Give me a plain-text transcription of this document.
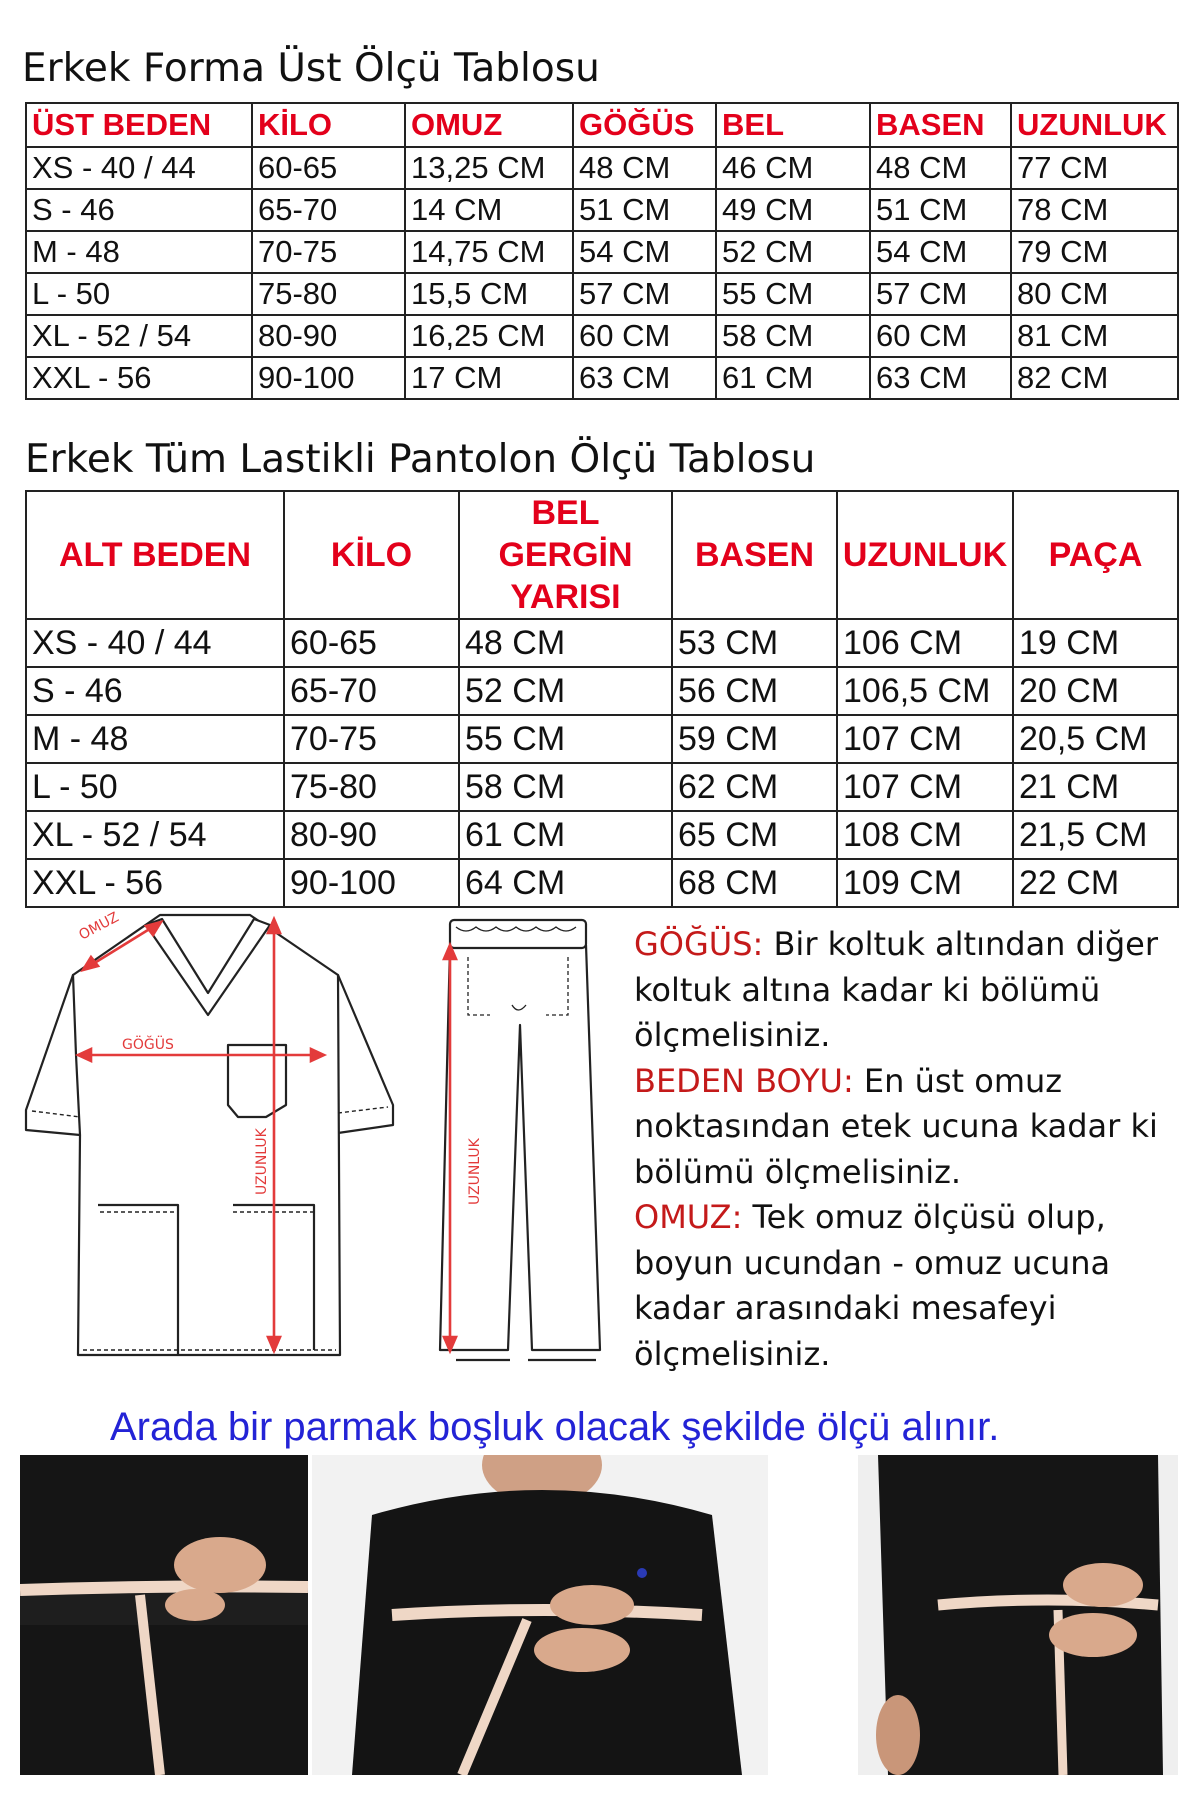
Erkek Forma Üst Ölçü Tablosu
ÜST BEDEN	KİLO	OMUZ	GÖĞÜS	BEL	BASEN	UZUNLUK
XS - 40 / 44	60-65	13,25 CM	48 CM	46 CM	48 CM	77 CM
S - 46	65-70	14 CM	51 CM	49 CM	51 CM	78 CM
M - 48	70-75	14,75 CM	54 CM	52 CM	54 CM	79 CM
L - 50	75-80	15,5 CM	57 CM	55 CM	57 CM	80 CM
XL - 52 / 54	80-90	16,25 CM	60 CM	58 CM	60 CM	81 CM
XXL - 56	90-100	17 CM	63 CM	61 CM	63 CM	82 CM
Erkek Tüm Lastikli Pantolon Ölçü Tablosu
ALT BEDEN	KİLO	BEL GERGİN YARISI	BASEN	UZUNLUK	PAÇA
XS - 40 / 44	60-65	48 CM	53 CM	106 CM	19 CM
S - 46	65-70	52 CM	56 CM	106,5 CM	20 CM
M - 48	70-75	55 CM	59 CM	107 CM	20,5 CM
L - 50	75-80	58 CM	62 CM	107 CM	21 CM
XL - 52 / 54	80-90	61 CM	65 CM	108 CM	21,5 CM
XXL - 56	90-100	64 CM	68 CM	109 CM	22 CM
OMUZ
GÖĞÜS
UZUNLUK	UZUNLUK
GÖĞÜS: Bir koltuk altından diğer koltuk altına kadar ki bölümü ölçmelisiniz.
BEDEN BOYU: En üst omuz noktasından etek ucuna kadar ki bölümü ölçmelisiniz.
OMUZ: Tek omuz ölçüsü olup, boyun ucundan - omuz ucuna kadar arasındaki mesafeyi ölçmelisiniz.
Arada bir parmak boşluk olacak şekilde ölçü alınır.
